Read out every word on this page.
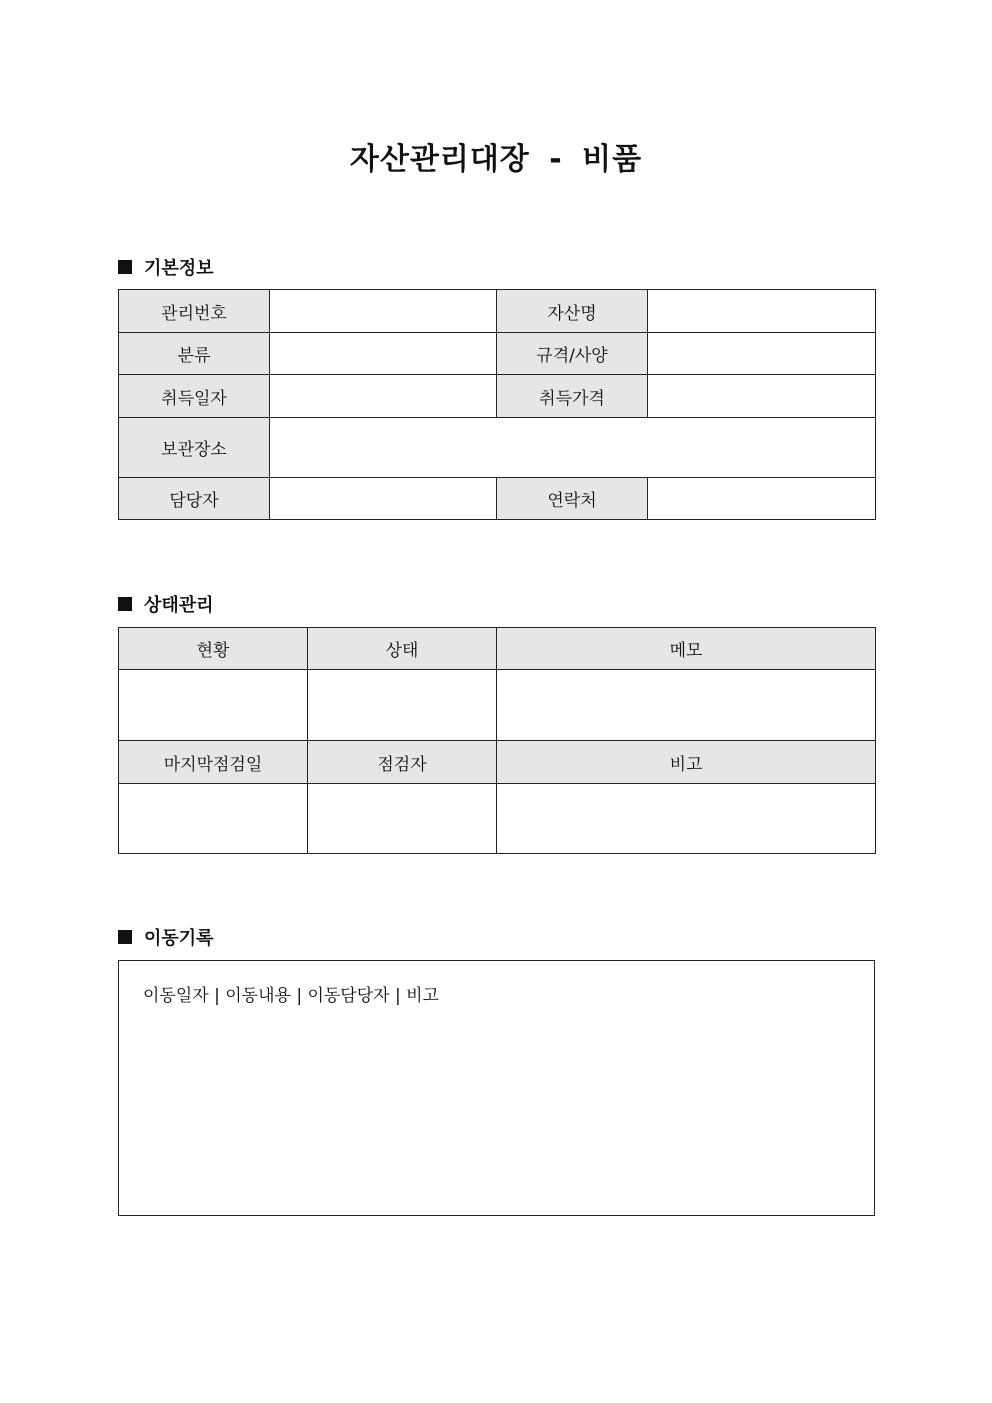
자산관리대장 - 비품
기본정보
관리번호		자산명	
분류		규격/사양	
취득일자		취득가격	
보관장소			
담당자		연락처	
상태관리
현황	상태	메모

마지막점검일	점검자	비고

이동기록
이동일자 | 이동내용 | 이동담당자 | 비고
